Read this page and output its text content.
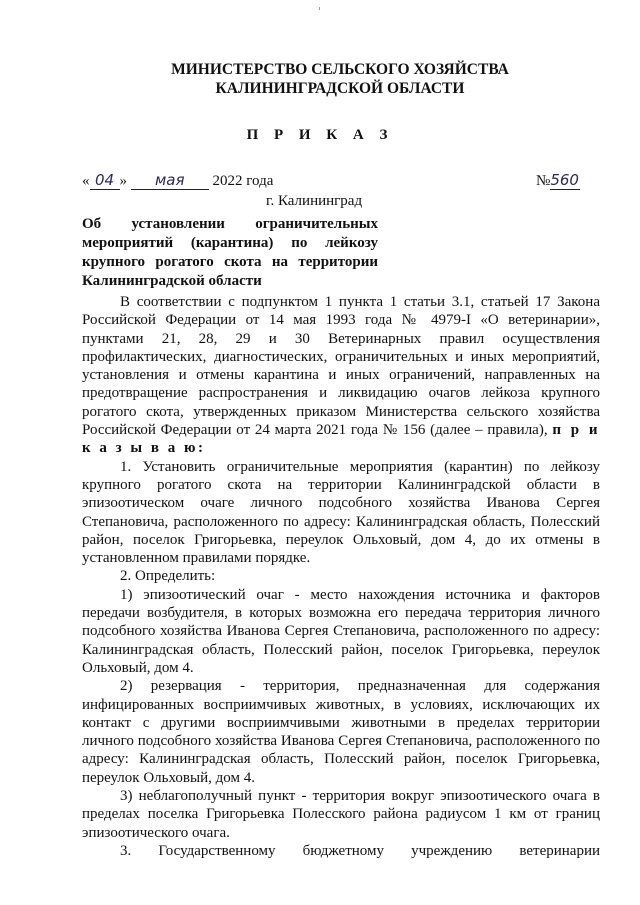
МИНИСТЕРСТВО СЕЛЬСКОГО ХОЗЯЙСТВА
КАЛИНИНГРАДСКОЙ ОБЛАСТИ
П Р И К А З
« 04 » мая 2022 года	№560
г. Калининград
Об установлении ограничительных мероприятий (карантина) по лейкозу крупного рогатого скота на территории Калининградской области

В соответствии с подпунктом 1 пункта 1 статьи 3.1, статьей 17 Закона Российской Федерации от 14 мая 1993 года № 4979-I «О ветеринарии», пунктами 21, 28, 29 и 30 Ветеринарных правил осуществления профилактических, диагностических, ограничительных и иных мероприятий, установления и отмены карантина и иных ограничений, направленных на предотвращение распространения и ликвидацию очагов лейкоза крупного рогатого скота, утвержденных приказом Министерства сельского хозяйства Российской Федерации от 24 марта 2021 года № 156 (далее – правила), п р и к а з ы в а ю:

1. Установить ограничительные мероприятия (карантин) по лейкозу крупного рогатого скота на территории Калининградской области в эпизоотическом очаге личного подсобного хозяйства Иванова Сергея Степановича, расположенного по адресу: Калининградская область, Полесский район, поселок Григорьевка, переулок Ольховый, дом 4, до их отмены в установленном правилами порядке.

2. Определить:

1) эпизоотический очаг - место нахождения источника и факторов передачи возбудителя, в которых возможна его передача территория личного подсобного хозяйства Иванова Сергея Степановича, расположенного по адресу: Калининградская область, Полесский район, поселок Григорьевка, переулок Ольховый, дом 4.

2) резервация - территория, предназначенная для содержания инфицированных восприимчивых животных, в условиях, исключающих их контакт с другими восприимчивыми животными в пределах территории личного подсобного хозяйства Иванова Сергея Степановича, расположенного по адресу: Калининградская область, Полесский район, поселок Григорьевка, переулок Ольховый, дом 4.

3) неблагополучный пункт - территория вокруг эпизоотического очага в пределах поселка Григорьевка Полесского района радиусом 1 км от границ эпизоотического очага.

3. Государственному бюджетному учреждению ветеринарии
